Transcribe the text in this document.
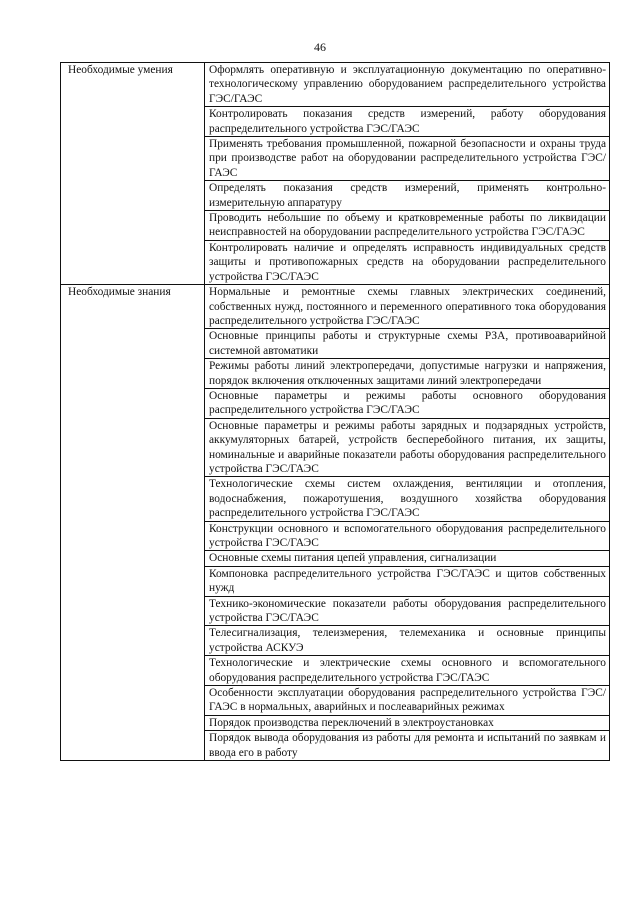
46
Необходимые умения	Оформлять оперативную и эксплуатационную документацию по оперативно-технологическому управлению оборудованием распределительного устройства ГЭС/ГАЭС
	Контролировать показания средств измерений, работу оборудования распределительного устройства ГЭС/ГАЭС
	Применять требования промышленной, пожарной безопасности и охраны труда при производстве работ на оборудовании распределительного устройства ГЭС/ГАЭС
	Определять показания средств измерений, применять контрольно-измерительную аппаратуру
	Проводить небольшие по объему и кратковременные работы по ликвидации неисправностей на оборудовании распределительного устройства ГЭС/ГАЭС
	Контролировать наличие и определять исправность индивидуальных средств защиты и противопожарных средств на оборудовании распределительного устройства ГЭС/ГАЭС
Необходимые знания	Нормальные и ремонтные схемы главных электрических соединений, собственных нужд, постоянного и переменного оперативного тока оборудования распределительного устройства ГЭС/ГАЭС
	Основные принципы работы и структурные схемы РЗА, противоаварийной системной автоматики
	Режимы работы линий электропередачи, допустимые нагрузки и напряжения, порядок включения отключенных защитами линий электропередачи
	Основные параметры и режимы работы основного оборудования распределительного устройства ГЭС/ГАЭС
	Основные параметры и режимы работы зарядных и подзарядных устройств, аккумуляторных батарей, устройств бесперебойного питания, их защиты, номинальные и аварийные показатели работы оборудования распределительного устройства ГЭС/ГАЭС
	Технологические схемы систем охлаждения, вентиляции и отопления, водоснабжения, пожаротушения, воздушного хозяйства оборудования распределительного устройства ГЭС/ГАЭС
	Конструкции основного и вспомогательного оборудования распределительного устройства ГЭС/ГАЭС
	Основные схемы питания цепей управления, сигнализации
	Компоновка распределительного устройства ГЭС/ГАЭС и щитов собственных нужд
	Технико-экономические показатели работы оборудования распределительного устройства ГЭС/ГАЭС
	Телесигнализация, телеизмерения, телемеханика и основные принципы устройства АСКУЭ
	Технологические и электрические схемы основного и вспомогательного оборудования распределительного устройства ГЭС/ГАЭС
	Особенности эксплуатации оборудования распределительного устройства ГЭС/ГАЭС в нормальных, аварийных и послеаварийных режимах
	Порядок производства переключений в электроустановках
	Порядок вывода оборудования из работы для ремонта и испытаний по заявкам и ввода его в работу
